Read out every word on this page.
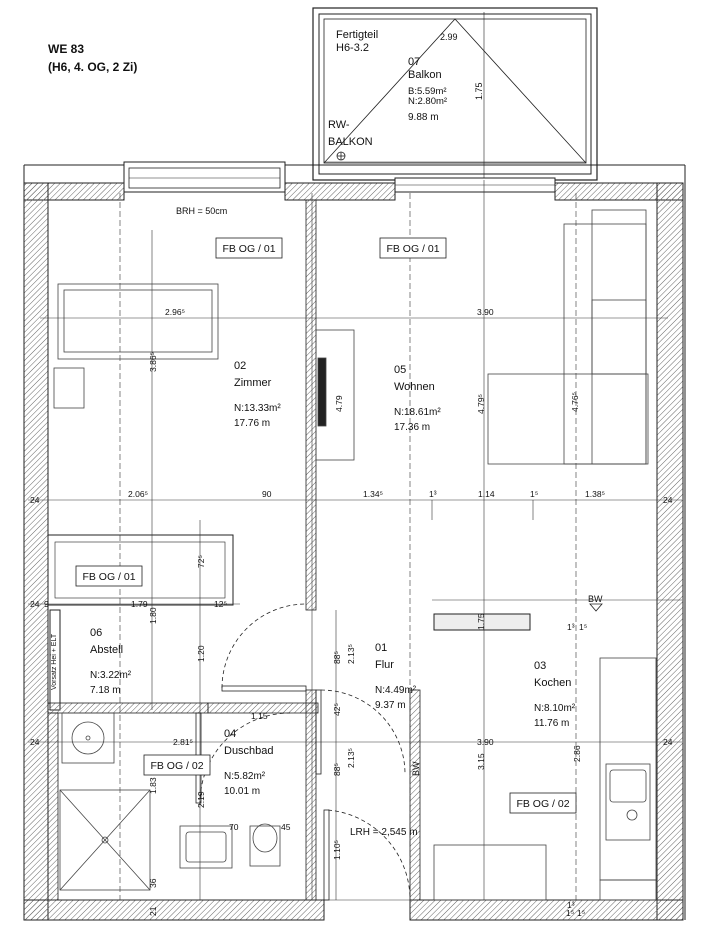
WE 83
(H6, 4. OG, 2 Zi)
FB OG / 01	FB OG / 01
FB OG / 01
FB OG / 02
FB OG / 02
Fertigteil
H6-3.2
07
Balkon
B:5.59m²
N:2.80m²
9.88 m
RW-
BALKON
2.99
1.75
BRH = 50cm
02
Zimmer
N:13.33m²
17.76 m
05
Wohnen
N:18.61m²
17.36 m
06
Abstell
N:3.22m²
7.18 m
01
Flur
N:4.49m²
9.37 m
03
Kochen
N:8.10m²
11.76 m
04
Duschbad
N:5.82m²
10.01 m
2.96⁵	3.90
2.06⁵	90	1.34⁵	1³	1.14	1⁵	1.38⁵
24	24
1.79	12⁵
24 9
2.81⁵
1.15
3.90
24	24
70	45
1³ 1⁵
1⁵ 1⁵
1³
3.86⁵
4.79	4.79⁵	4.76⁵
72⁵
1.80
1.20	2.13⁵
88⁵
42⁵
2.13⁵
88⁵	3.15	2.86
1.83
2.19
1.10⁵
1.75
36
21
LRH = 2,545 m
BW
BW
Vorsatz Hei + ELT
